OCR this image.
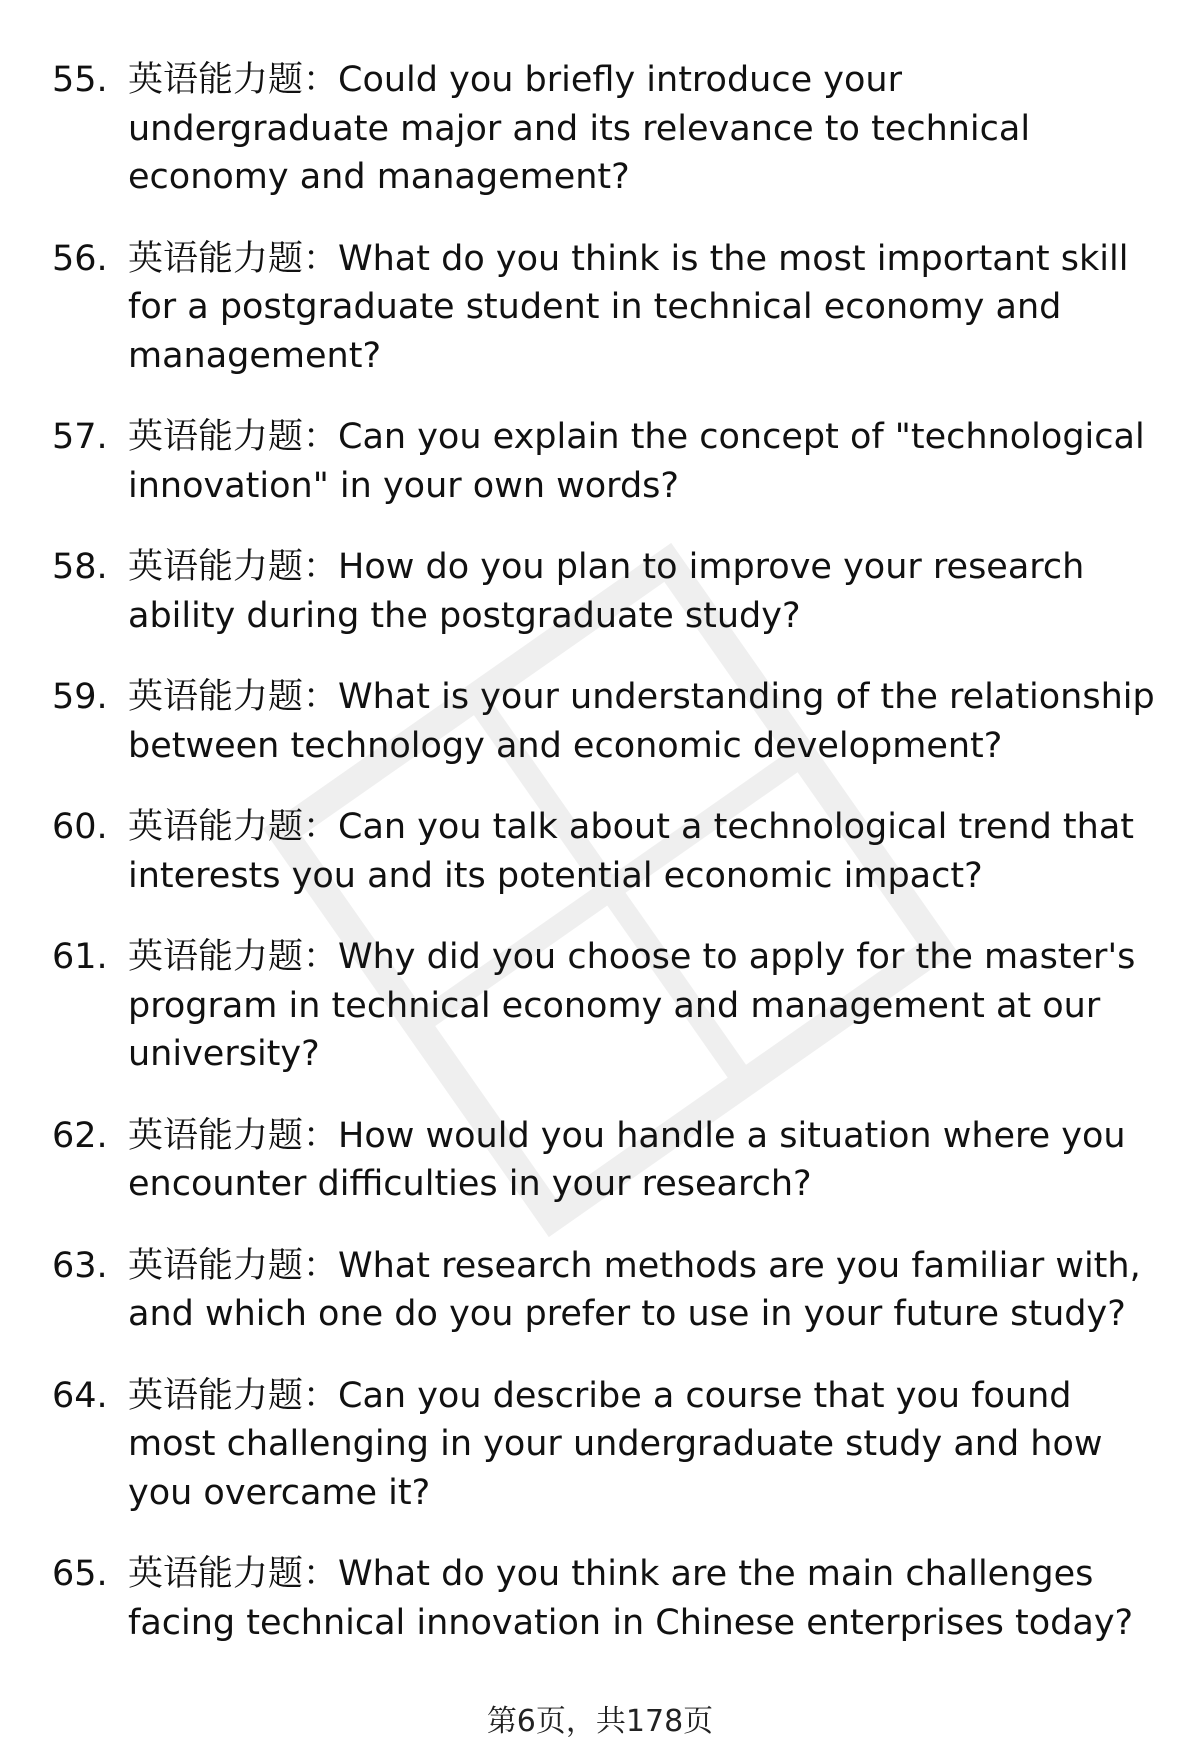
55. 英语能力题：Could you briefly introduce your undergraduate major and its relevance to technical economy and management?
56. 英语能力题：What do you think is the most important skill for a postgraduate student in technical economy and management?
57. 英语能力题：Can you explain the concept of "technological innovation" in your own words?
58. 英语能力题：How do you plan to improve your research ability during the postgraduate study?
59. 英语能力题：What is your understanding of the relationship between technology and economic development?
60. 英语能力题：Can you talk about a technological trend that interests you and its potential economic impact?
61. 英语能力题：Why did you choose to apply for the master's program in technical economy and management at our university?
62. 英语能力题：How would you handle a situation where you encounter difficulties in your research?
63. 英语能力题：What research methods are you familiar with, and which one do you prefer to use in your future study?
64. 英语能力题：Can you describe a course that you found most challenging in your undergraduate study and how you overcame it?
65. 英语能力题：What do you think are the main challenges facing technical innovation in Chinese enterprises today?
第6页，共178页
